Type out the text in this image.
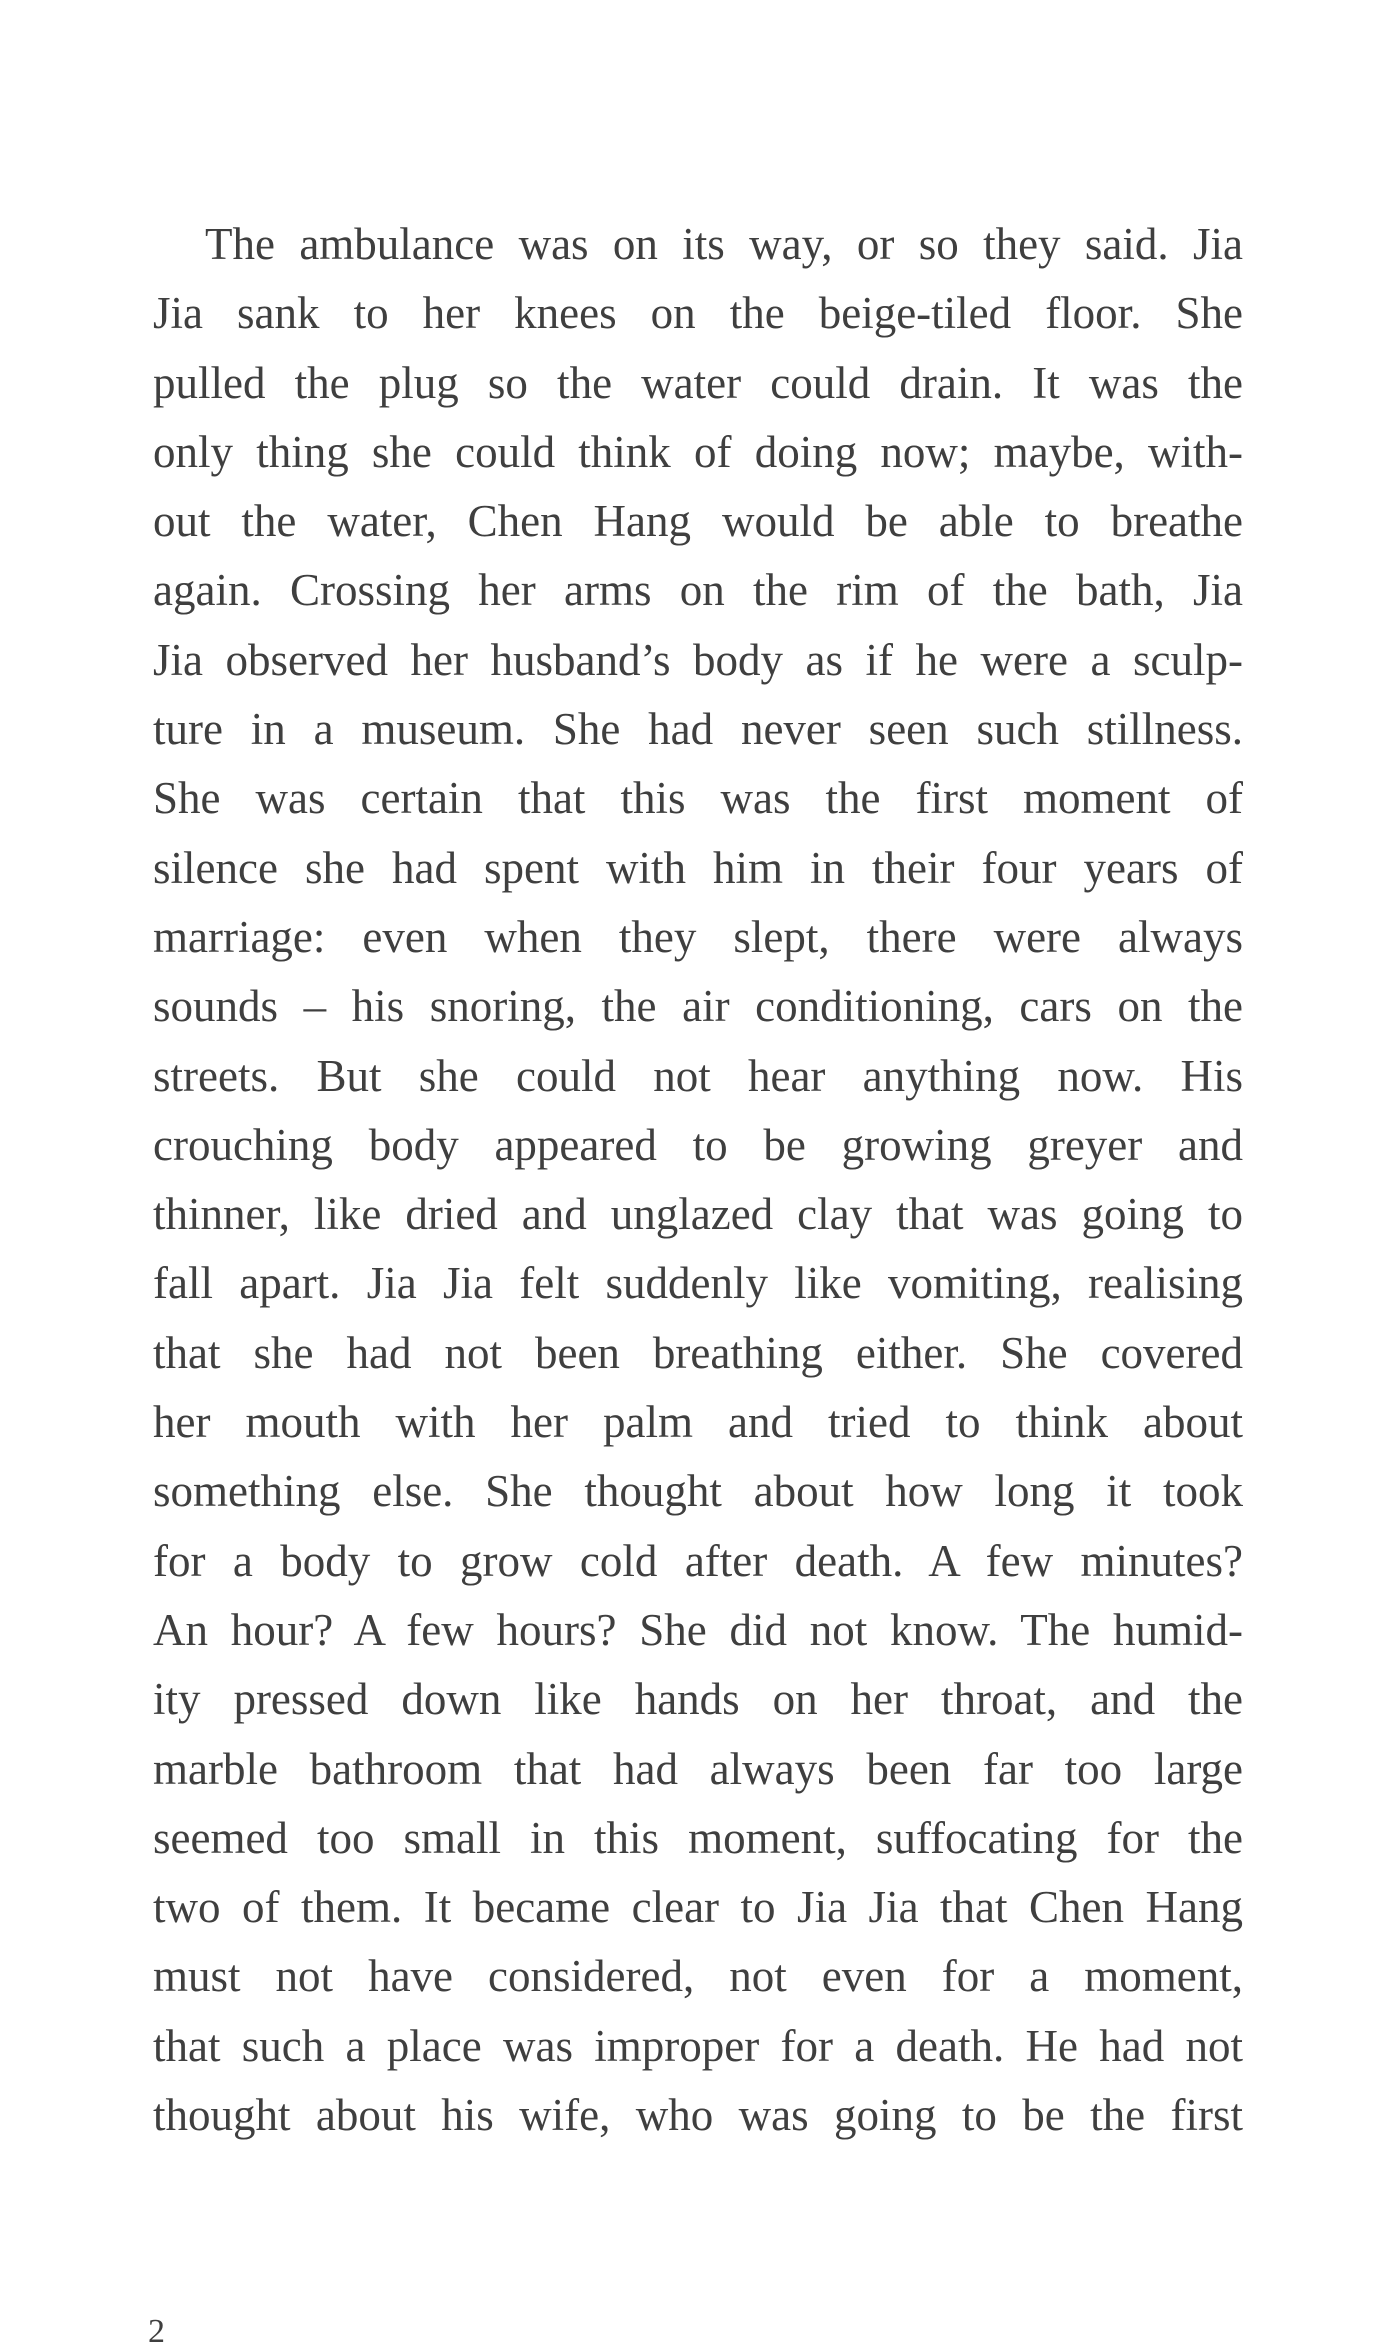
The ambulance was on its way, or so they said. Jia
Jia sank to her knees on the beige-tiled floor. She
pulled the plug so the water could drain. It was the
only thing she could think of doing now; maybe, with-
out the water, Chen Hang would be able to breathe
again. Crossing her arms on the rim of the bath, Jia
Jia observed her husband’s body as if he were a sculp-
ture in a museum. She had never seen such stillness.
She was certain that this was the first moment of
silence she had spent with him in their four years of
marriage: even when they slept, there were always
sounds – his snoring, the air conditioning, cars on the
streets. But she could not hear anything now. His
crouching body appeared to be growing greyer and
thinner, like dried and unglazed clay that was going to
fall apart. Jia Jia felt suddenly like vomiting, realising
that she had not been breathing either. She covered
her mouth with her palm and tried to think about
something else. She thought about how long it took
for a body to grow cold after death. A few minutes?
An hour? A few hours? She did not know. The humid-
ity pressed down like hands on her throat, and the
marble bathroom that had always been far too large
seemed too small in this moment, suffocating for the
two of them. It became clear to Jia Jia that Chen Hang
must not have considered, not even for a moment,
that such a place was improper for a death. He had not
thought about his wife, who was going to be the first
2
